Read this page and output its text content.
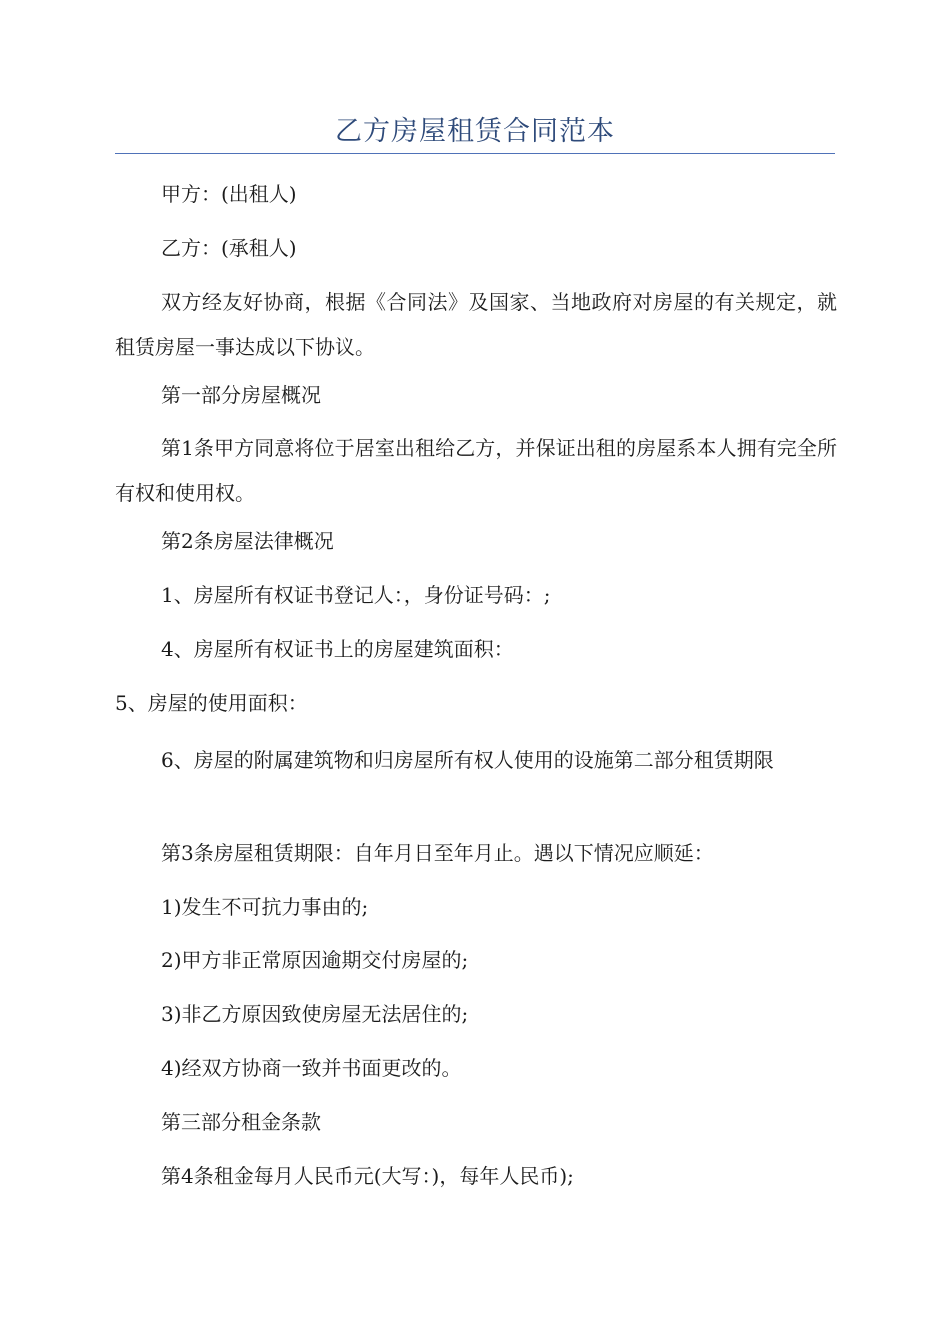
乙方房屋租赁合同范本

甲方：(出租人)

乙方：(承租人)

双方经友好协商，根据《合同法》及国家、当地政府对房屋的有关规定，就租赁房屋一事达成以下协议。

第一部分房屋概况

第1条甲方同意将位于居室出租给乙方，并保证出租的房屋系本人拥有完全所有权和使用权。

第2条房屋法律概况

1、房屋所有权证书登记人：，身份证号码：;

4、房屋所有权证书上的房屋建筑面积：

5、房屋的使用面积：

6、房屋的附属建筑物和归房屋所有权人使用的设施第二部分租赁期限

第3条房屋租赁期限：自年月日至年月止。遇以下情况应顺延：

1)发生不可抗力事由的;

2)甲方非正常原因逾期交付房屋的;

3)非乙方原因致使房屋无法居住的;

4)经双方协商一致并书面更改的。

第三部分租金条款

第4条租金每月人民币元(大写：)，每年人民币);
